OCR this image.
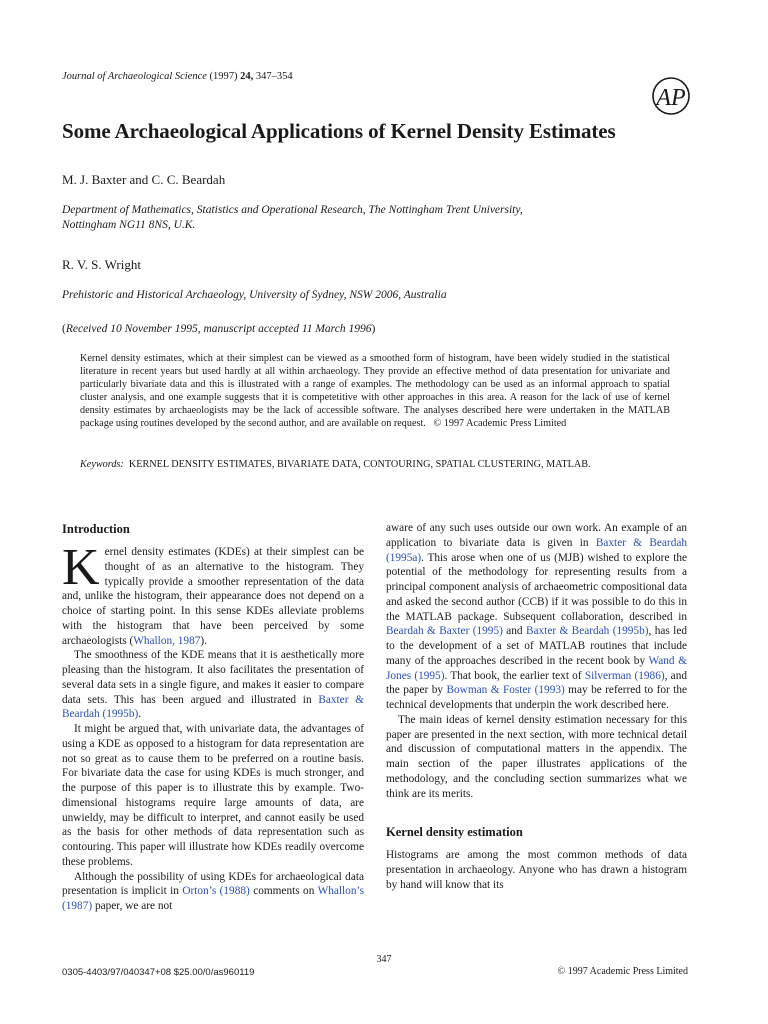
Journal of Archaeological Science (1997) 24, 347–354
AP
Some Archaeological Applications of Kernel Density Estimates
M. J. Baxter and C. C. Beardah
Department of Mathematics, Statistics and Operational Research, The Nottingham Trent University,
Nottingham NG11 8NS, U.K.
R. V. S. Wright
Prehistoric and Historical Archaeology, University of Sydney, NSW 2006, Australia
(Received 10 November 1995, manuscript accepted 11 March 1996)
Kernel density estimates, which at their simplest can be viewed as a smoothed form of histogram, have been widely studied in the statistical literature in recent years but used hardly at all within archaeology. They provide an effective method of data presentation for univariate and particularly bivariate data and this is illustrated with a range of examples. The methodology can be used as an informal approach to spatial cluster analysis, and one example suggests that it is competetitive with other approaches in this area. A reason for the lack of use of kernel density estimates by archaeologists may be the lack of accessible software. The analyses described here were undertaken in the MATLAB package using routines developed by the second author, and are available on request. © 1997 Academic Press Limited
Keywords: KERNEL DENSITY ESTIMATES, BIVARIATE DATA, CONTOURING, SPATIAL CLUSTERING, MATLAB.
Introduction

Kernel density estimates (KDEs) at their simplest can be thought of as an alternative to the histogram. They typically provide a smoother representation of the data and, unlike the histogram, their appearance does not depend on a choice of starting point. In this sense KDEs alleviate problems with the histogram that have been perceived by some archaeologists (Whallon, 1987).

The smoothness of the KDE means that it is aesthetically more pleasing than the histogram. It also facilitates the presentation of several data sets in a single figure, and makes it easier to compare data sets. This has been argued and illustrated in Baxter & Beardah (1995b).

It might be argued that, with univariate data, the advantages of using a KDE as opposed to a histogram for data representation are not so great as to cause them to be preferred on a routine basis. For bivariate data the case for using KDEs is much stronger, and the purpose of this paper is to illustrate this by example. Two-dimensional histograms require large amounts of data, are unwieldy, may be difficult to interpret, and cannot easily be used as the basis for other methods of data representation such as contouring. This paper will illustrate how KDEs readily overcome these problems.

Although the possibility of using KDEs for archaeological data presentation is implicit in Orton’s (1988) comments on Whallon’s (1987) paper, we are not

aware of any such uses outside our own work. An example of an application to bivariate data is given in Baxter & Beardah (1995a). This arose when one of us (MJB) wished to explore the potential of the methodology for representing results from a principal component analysis of archaeometric compositional data and asked the second author (CCB) if it was possible to do this in the MATLAB package. Subsequent collaboration, described in Beardah & Baxter (1995) and Baxter & Beardah (1995b), has led to the development of a set of MATLAB routines that include many of the approaches described in the recent book by Wand & Jones (1995). That book, the earlier text of Silverman (1986), and the paper by Bowman & Foster (1993) may be referred to for the technical developments that underpin the work described here.

The main ideas of kernel density estimation necessary for this paper are presented in the next section, with more technical detail and discussion of computational matters in the appendix. The main section of the paper illustrates applications of the methodology, and the concluding section summarizes what we think are its merits.

Kernel density estimation

Histograms are among the most common methods of data presentation in archaeology. Anyone who has drawn a histogram by hand will know that its

347
0305-4403/97/040347+08 $25.00/0/as960119	© 1997 Academic Press Limited
